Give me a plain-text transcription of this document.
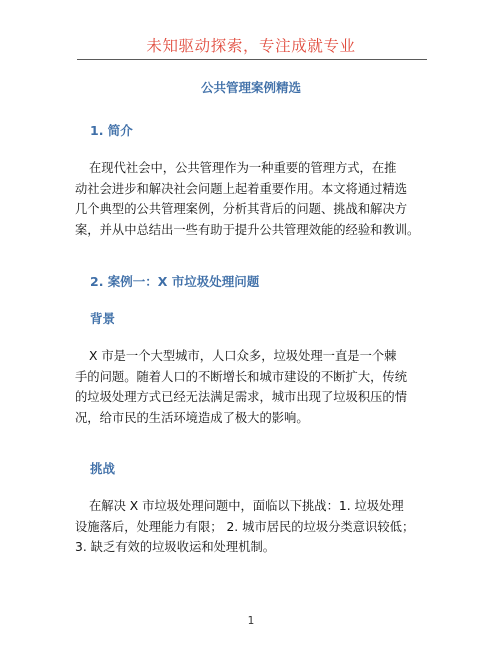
未知驱动探索，专注成就专业
公共管理案例精选
1. 简介
在现代社会中，公共管理作为一种重要的管理方式，在推
动社会进步和解决社会问题上起着重要作用。本文将通过精选
几个典型的公共管理案例，分析其背后的问题、挑战和解决方
案，并从中总结出一些有助于提升公共管理效能的经验和教训。
2. 案例一：X 市垃圾处理问题
背景
X 市是一个大型城市，人口众多，垃圾处理一直是一个棘
手的问题。随着人口的不断增长和城市建设的不断扩大，传统
的垃圾处理方式已经无法满足需求，城市出现了垃圾积压的情
况，给市民的生活环境造成了极大的影响。
挑战
在解决 X 市垃圾处理问题中，面临以下挑战：1. 垃圾处理
设施落后，处理能力有限； 2. 城市居民的垃圾分类意识较低；
3. 缺乏有效的垃圾收运和处理机制。
1
